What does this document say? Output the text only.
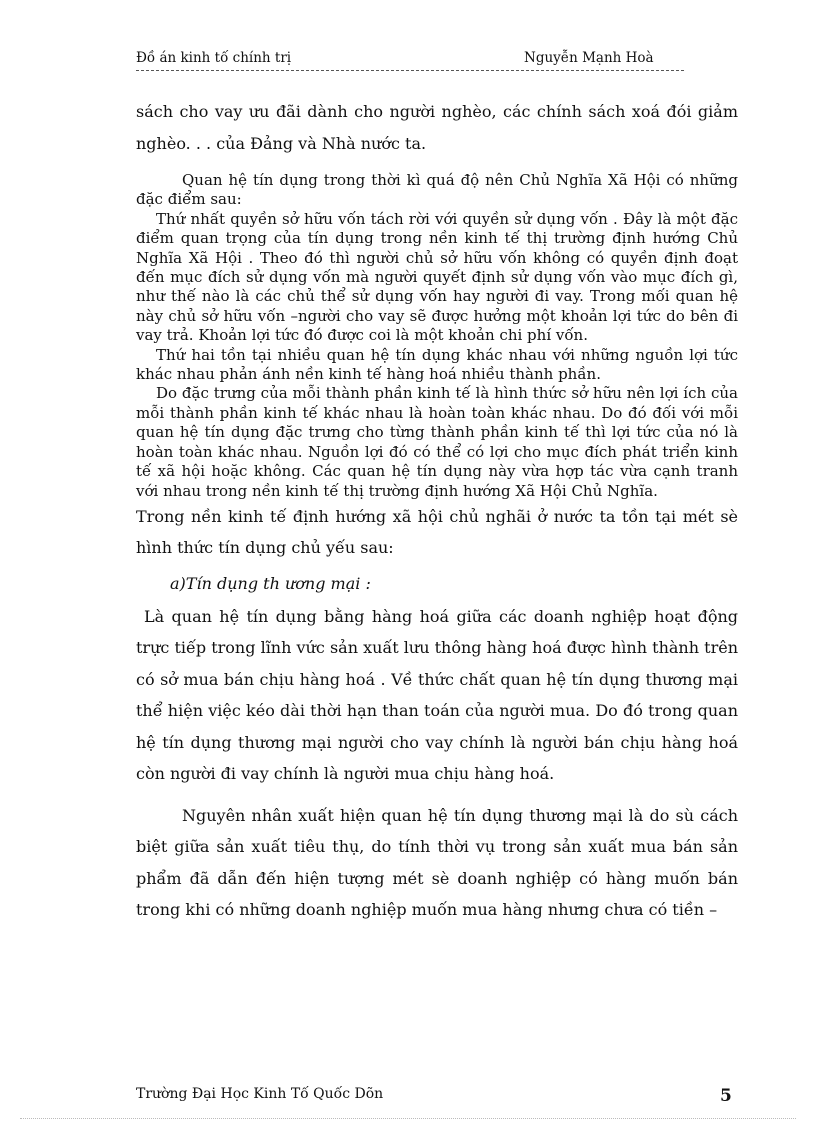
Đồ án kinh tố chính trị	Nguyễn Mạnh Hoà

sách cho vay ưu đãi dành cho người nghèo, các chính sách xoá đói giảm nghèo. . . của Đảng và Nhà nước ta.

Quan hệ tín dụng trong thời kì quá độ nên Chủ Nghĩa Xã Hội có những đặc điểm sau:

Thứ nhất quyền sở hữu vốn tách rời với quyền sử dụng vốn . Đây là một đặc điểm quan trọng của tín dụng trong nền kinh tế thị trường định hướng Chủ Nghĩa Xã Hội . Theo đó thì người chủ sở hữu vốn không có quyền định đoạt đến mục đích sử dụng vốn mà người quyết định sử dụng vốn vào mục đích gì, như thế nào là các chủ thể sử dụng vốn hay người đi vay. Trong mối quan hệ này chủ sở hữu vốn –người cho vay sẽ được hưởng một khoản lợi tức do bên đi vay trả. Khoản lợi tức đó được coi là một khoản chi phí vốn.

Thứ hai tồn tại nhiều quan hệ tín dụng khác nhau với những nguồn lợi tức khác nhau phản ánh nền kinh tế hàng hoá nhiều thành phần.

Do đặc trưng của mỗi thành phần kinh tế là hình thức sở hữu nên lợi ích của mỗi thành phần kinh tế khác nhau là hoàn toàn khác nhau. Do đó đối với mỗi quan hệ tín dụng đặc trưng cho từng thành phần kinh tế thì lợi tức của nó là hoàn toàn khác nhau. Nguồn lợi đó có thể có lợi cho mục đích phát triển kinh tế xã hội hoặc không. Các quan hệ tín dụng này vừa hợp tác vừa cạnh tranh với nhau trong nền kinh tế thị trường định hướng Xã Hội Chủ Nghĩa.

Trong nền kinh tế định hướng xã hội chủ nghãi ở nước ta tồn tại mét sè hình thức tín dụng chủ yếu sau:

a)Tín dụng th ương mại :

Là quan hệ tín dụng bằng hàng hoá giữa các doanh nghiệp hoạt động trực tiếp trong lĩnh vức sản xuất lưu thông hàng hoá được hình thành trên có sở mua bán chịu hàng hoá . Về thức chất quan hệ tín dụng thương mại thể hiện việc kéo dài thời hạn than toán của người mua. Do đó trong quan hệ tín dụng thương mại người cho vay chính là người bán chịu hàng hoá còn người đi vay chính là người mua chịu hàng hoá.

Nguyên nhân xuất hiện quan hệ tín dụng thương mại là do sù cách biệt giữa sản xuất tiêu thụ, do tính thời vụ trong sản xuất mua bán sản phẩm đã dẫn đến hiện tượng mét sè doanh nghiệp có hàng muốn bán trong khi có những doanh nghiệp muốn mua hàng nhưng chưa có tiền –

Trường Đại Học Kinh Tố Quốc Dõn	5
